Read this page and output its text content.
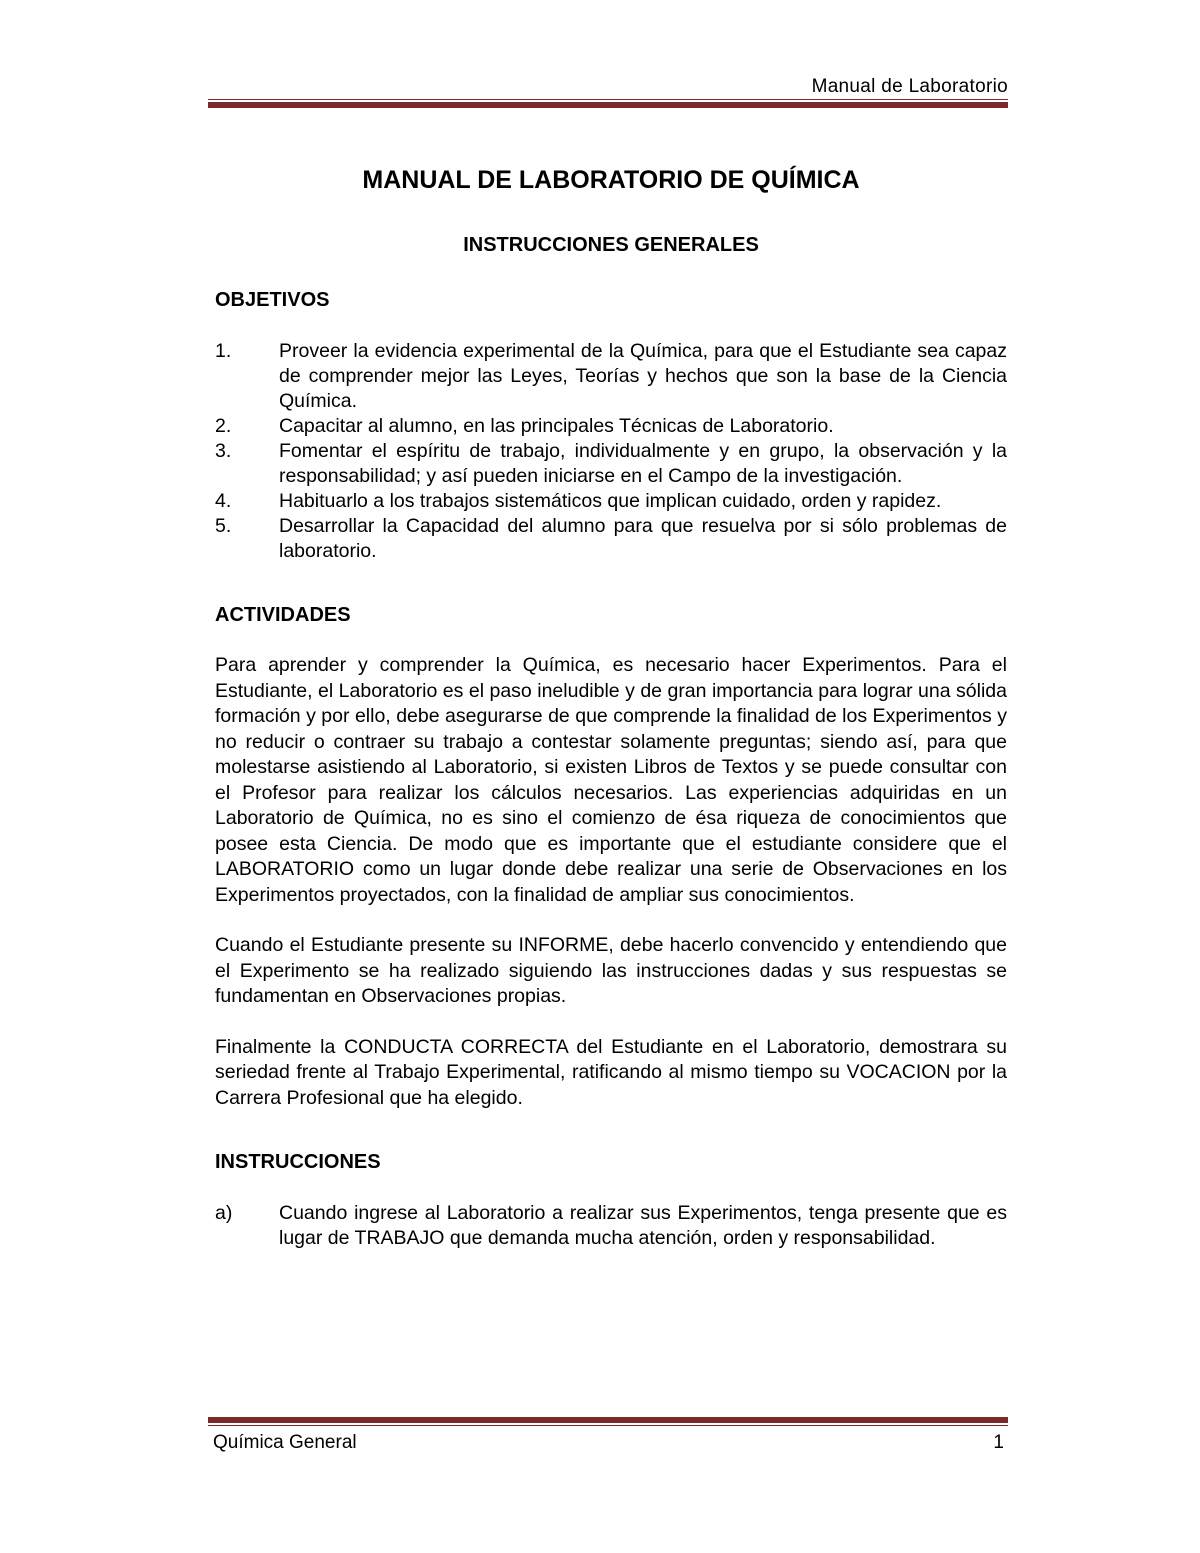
Manual de Laboratorio
MANUAL DE LABORATORIO DE QUÍMICA
INSTRUCCIONES GENERALES
OBJETIVOS
1. Proveer la evidencia experimental de la Química, para que el Estudiante sea capaz de comprender mejor las Leyes, Teorías y hechos que son la base de la Ciencia Química.
2. Capacitar al alumno, en las principales Técnicas de Laboratorio.
3. Fomentar el espíritu de trabajo, individualmente y en grupo, la observación y la responsabilidad; y así pueden iniciarse en el Campo de la investigación.
4. Habituarlo a los trabajos sistemáticos que implican cuidado, orden y rapidez.
5. Desarrollar la Capacidad del alumno para que resuelva por si sólo problemas de laboratorio.
ACTIVIDADES

Para aprender y comprender la Química, es necesario hacer Experimentos. Para el Estudiante, el Laboratorio es el paso ineludible y de gran importancia para lograr una sólida formación y por ello, debe asegurarse de que comprende la finalidad de los Experimentos y no reducir o contraer su trabajo a contestar solamente preguntas; siendo así, para que molestarse asistiendo al Laboratorio, si existen Libros de Textos y se puede consultar con el Profesor para realizar los cálculos necesarios. Las experiencias adquiridas en un Laboratorio de Química, no es sino el comienzo de ésa riqueza de conocimientos que posee esta Ciencia. De modo que es importante que el estudiante considere que el LABORATORIO como un lugar donde debe realizar una serie de Observaciones en los Experimentos proyectados, con la finalidad de ampliar sus conocimientos.

Cuando el Estudiante presente su INFORME, debe hacerlo convencido y entendiendo que el Experimento se ha realizado siguiendo las instrucciones dadas y sus respuestas se fundamentan en Observaciones propias.

Finalmente la CONDUCTA CORRECTA del Estudiante en el Laboratorio, demostrara su seriedad frente al Trabajo Experimental, ratificando al mismo tiempo su VOCACION por la Carrera Profesional que ha elegido.

INSTRUCCIONES
a) Cuando ingrese al Laboratorio a realizar sus Experimentos, tenga presente que es lugar de TRABAJO que demanda mucha atención, orden y responsabilidad.
Química General	1
